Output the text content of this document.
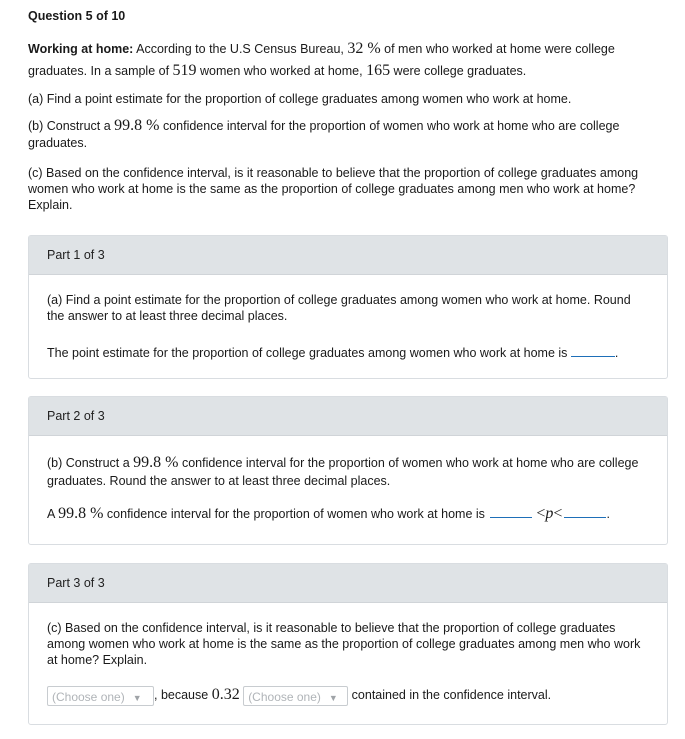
Question 5 of 10

Working at home: According to the U.S Census Bureau, 32 % of men who worked at home were college graduates. In a sample of 519 women who worked at home, 165 were college graduates.

(a) Find a point estimate for the proportion of college graduates among women who work at home.

(b) Construct a 99.8 % confidence interval for the proportion of women who work at home who are college graduates.

(c) Based on the confidence interval, is it reasonable to believe that the proportion of college graduates among women who work at home is the same as the proportion of college graduates among men who work at home? Explain.

Part 1 of 3
(a) Find a point estimate for the proportion of college graduates among women who work at home. Round the answer to at least three decimal places.
The point estimate for the proportion of college graduates among women who work at home is	.
Part 2 of 3
(b) Construct a 99.8 % confidence interval for the proportion of women who work at home who are college graduates. Round the answer to at least three decimal places.
A 99.8 % confidence interval for the proportion of women who work at home is	<p<	.
Part 3 of 3
(c) Based on the confidence interval, is it reasonable to believe that the proportion of college graduates among women who work at home is the same as the proportion of college graduates among men who work at home? Explain.
(Choose one) ▼ , because 0.32 (Choose one) ▼ contained in the confidence interval.
